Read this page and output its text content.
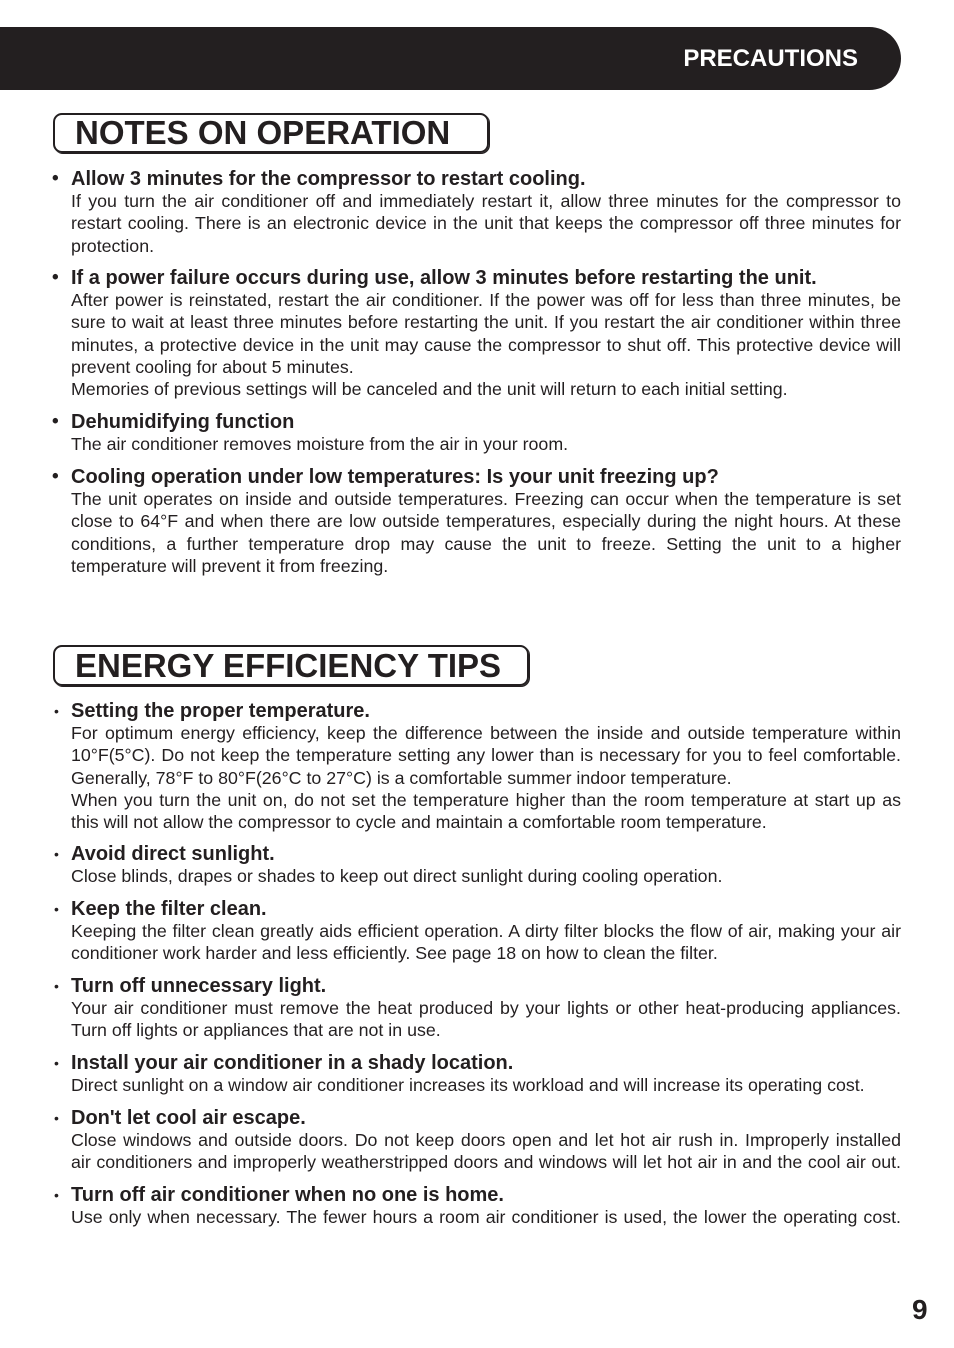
PRECAUTIONS
NOTES ON OPERATION
• Allow 3 minutes for the compressor to restart cooling.
If you turn the air conditioner off and immediately restart it, allow three minutes for the compressor to
restart cooling. There is an electronic device in the unit that keeps the compressor off three minutes for
protection.
• If a power failure occurs during use, allow 3 minutes before restarting the unit.
After power is reinstated, restart the air conditioner. If the power was off for less than three minutes, be
sure to wait at least three minutes before restarting the unit. If you restart the air conditioner within three
minutes, a protective device in the unit may cause the compressor to shut off. This protective device will
prevent cooling for about 5 minutes.
Memories of previous settings will be canceled and the unit will return to each initial setting.
• Dehumidifying function
The air conditioner removes moisture from the air in your room.
• Cooling operation under low temperatures: Is your unit freezing up?
The unit operates on inside and outside temperatures. Freezing can occur when the temperature is set
close to 64°F and when there are low outside temperatures, especially during the night hours. At these
conditions, a further temperature drop may cause the unit to freeze. Setting the unit to a higher
temperature will prevent it from freezing.
ENERGY EFFICIENCY TIPS
• Setting the proper temperature.
For optimum energy efficiency, keep the difference between the inside and outside temperature within
10°F(5°C). Do not keep the temperature setting any lower than is necessary for you to feel comfortable.
Generally, 78°F to 80°F(26°C to 27°C) is a comfortable summer indoor temperature.
When you turn the unit on, do not set the temperature higher than the room temperature at start up as
this will not allow the compressor to cycle and maintain a comfortable room temperature.
• Avoid direct sunlight.
Close blinds, drapes or shades to keep out direct sunlight during cooling operation.
• Keep the filter clean.
Keeping the filter clean greatly aids efficient operation. A dirty filter blocks the flow of air, making your air
conditioner work harder and less efficiently. See page 18 on how to clean the filter.
• Turn off unnecessary light.
Your air conditioner must remove the heat produced by your lights or other heat-producing appliances.
Turn off lights or appliances that are not in use.
• Install your air conditioner in a shady location.
Direct sunlight on a window air conditioner increases its workload and will increase its operating cost.
• Don't let cool air escape.
Close windows and outside doors. Do not keep doors open and let hot air rush in. Improperly installed
air conditioners and improperly weatherstripped doors and windows will let hot air in and the cool air out.
• Turn off air conditioner when no one is home.
Use only when necessary. The fewer hours a room air conditioner is used, the lower the operating cost.
9
